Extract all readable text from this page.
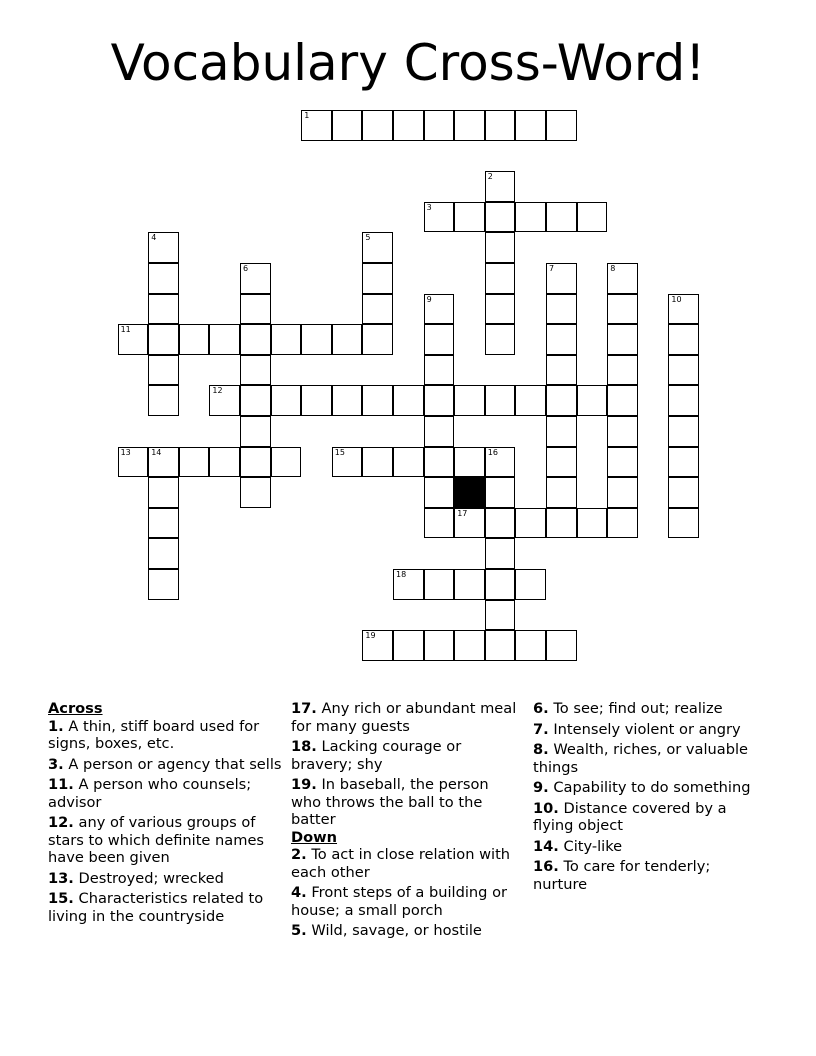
Vocabulary Cross-Word!
1
2
3
4	5
6	7	8
9	10
11
12
13	14	15	16
17
18
19
Across
1. A thin, stiff board used for signs, boxes, etc.
3. A person or agency that sells
11. A person who counsels; advisor
12. any of various groups of stars to which definite names have been given
13. Destroyed; wrecked
15. Characteristics related to living in the countryside
17. Any rich or abundant meal for many guests
18. Lacking courage or bravery; shy
19. In baseball, the person who throws the ball to the batter
Down
2. To act in close relation with each other
4. Front steps of a building or house; a small porch
5. Wild, savage, or hostile
6. To see; find out; realize
7. Intensely violent or angry
8. Wealth, riches, or valuable things
9. Capability to do something
10. Distance covered by a flying object
14. City-like
16. To care for tenderly; nurture
